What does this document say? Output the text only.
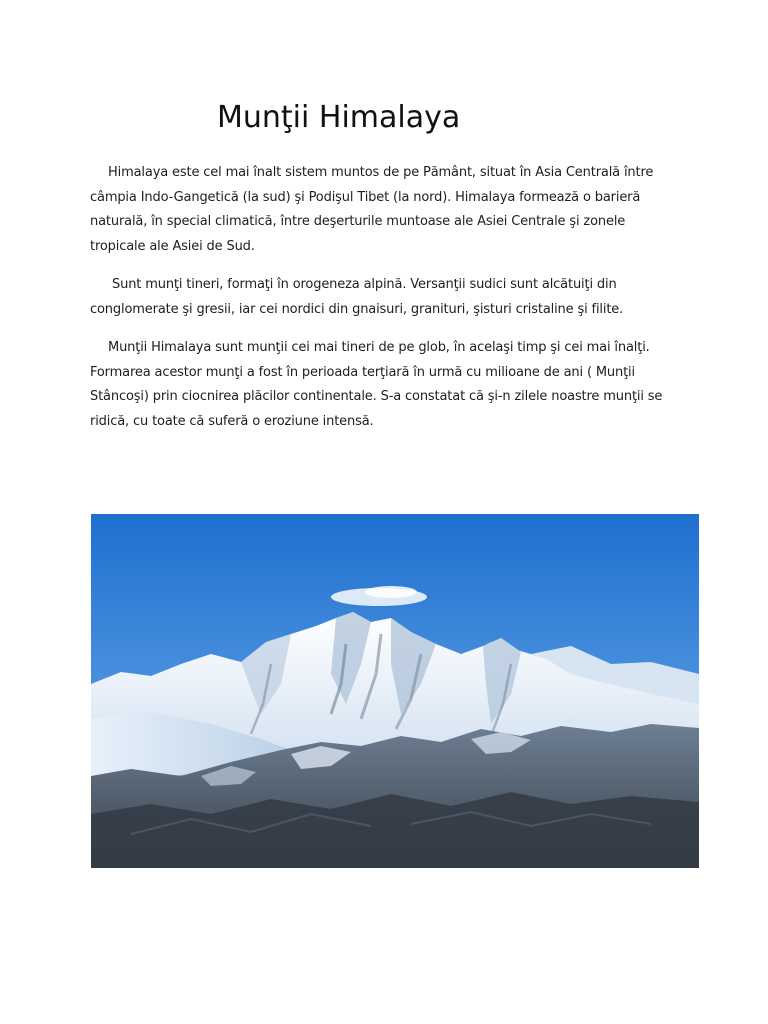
Munţii Himalaya

Himalaya este cel mai înalt sistem muntos de pe Pământ, situat în Asia Centrală între câmpia Indo-Gangetică (la sud) şi Podişul Tibet (la nord). Himalaya formează o barieră naturală, în special climatică, între deşerturile muntoase ale Asiei Centrale şi zonele tropicale ale Asiei de Sud.

Sunt munţi tineri, formaţi în orogeneza alpină. Versanţii sudici sunt alcătuiţi din conglomerate şi gresii, iar cei nordici din gnaisuri, granituri, şisturi cristaline şi filite.

Munţii Himalaya sunt munţii cei mai tineri de pe glob, în acelaşi timp şi cei mai înalţi. Formarea acestor munţi a fost în perioada terţiară în urmă cu milioane de ani ( Munţii Stâncoşi) prin ciocnirea plăcilor continentale. S-a constatat că şi-n zilele noastre munţii se ridică, cu toate că suferă o eroziune intensă.
